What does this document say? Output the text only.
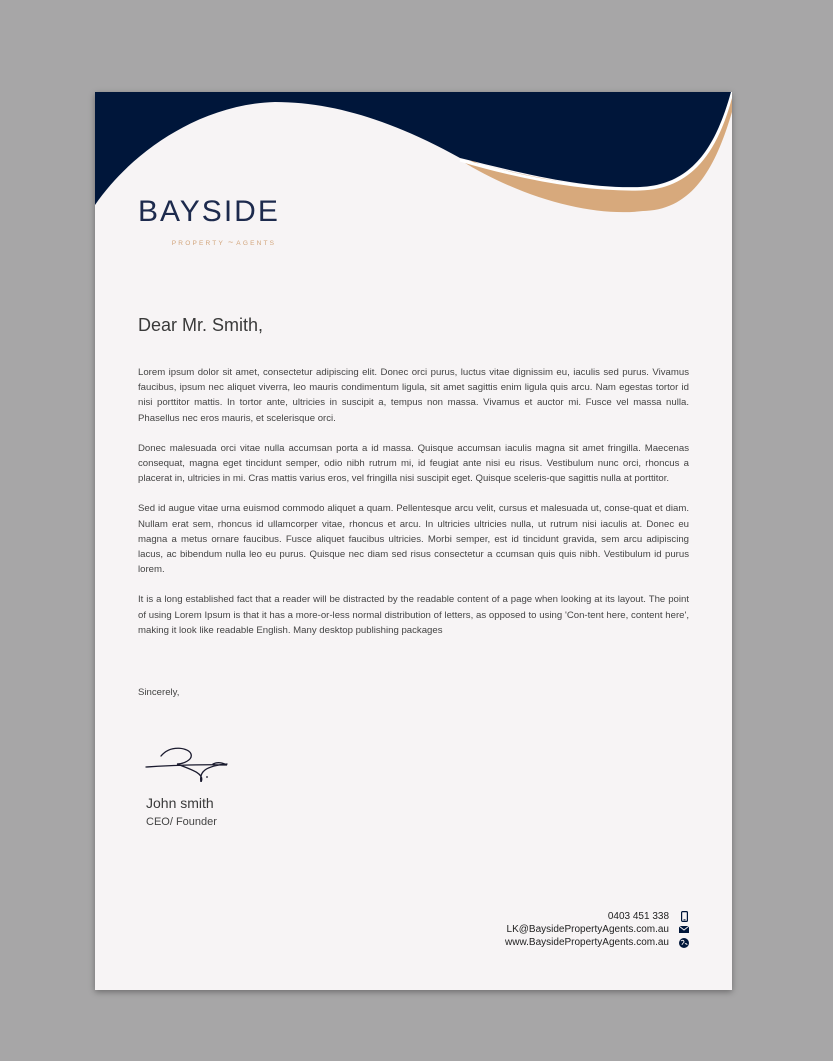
BAYSIDE
PROPERTY ~ AGENTS
Dear Mr. Smith,

Lorem ipsum dolor sit amet, consectetur adipiscing elit. Donec orci purus, luctus vitae dignissim eu, iaculis sed purus. Vivamus faucibus, ipsum nec aliquet viverra, leo mauris condimentum ligula, sit amet sagittis enim ligula quis arcu. Nam egestas tortor id nisi porttitor mattis. In tortor ante, ultricies in suscipit a, tempus non massa. Vivamus et auctor mi. Fusce vel massa nulla. Phasellus nec eros mauris, et scelerisque orci.

Donec malesuada orci vitae nulla accumsan porta a id massa. Quisque accumsan iaculis magna sit amet fringilla. Maecenas consequat, magna eget tincidunt semper, odio nibh rutrum mi, id feugiat ante nisi eu risus. Vestibulum nunc orci, rhoncus a placerat in, ultricies in mi. Cras mattis varius eros, vel fringilla nisi suscipit eget. Quisque sceleris-que sagittis nulla at porttitor.

Sed id augue vitae urna euismod commodo aliquet a quam. Pellentesque arcu velit, cursus et malesuada ut, conse-quat et diam. Nullam erat sem, rhoncus id ullamcorper vitae, rhoncus et arcu. In ultricies ultricies nulla, ut rutrum nisi iaculis at. Donec eu magna a metus ornare faucibus. Fusce aliquet faucibus ultricies. Morbi semper, est id tincidunt gravida, sem arcu adipiscing lacus, ac bibendum nulla leo eu purus. Quisque nec diam sed risus consectetur a ccumsan quis quis nibh. Vestibulum id purus lorem.

It is a long established fact that a reader will be distracted by the readable content of a page when looking at its layout. The point of using Lorem Ipsum is that it has a more-or-less normal distribution of letters, as opposed to using 'Con-tent here, content here', making it look like readable English. Many desktop publishing packages

Sincerely,
John smith
CEO/ Founder
0403 451 338
LK@BaysidePropertyAgents.com.au
www.BaysidePropertyAgents.com.au
